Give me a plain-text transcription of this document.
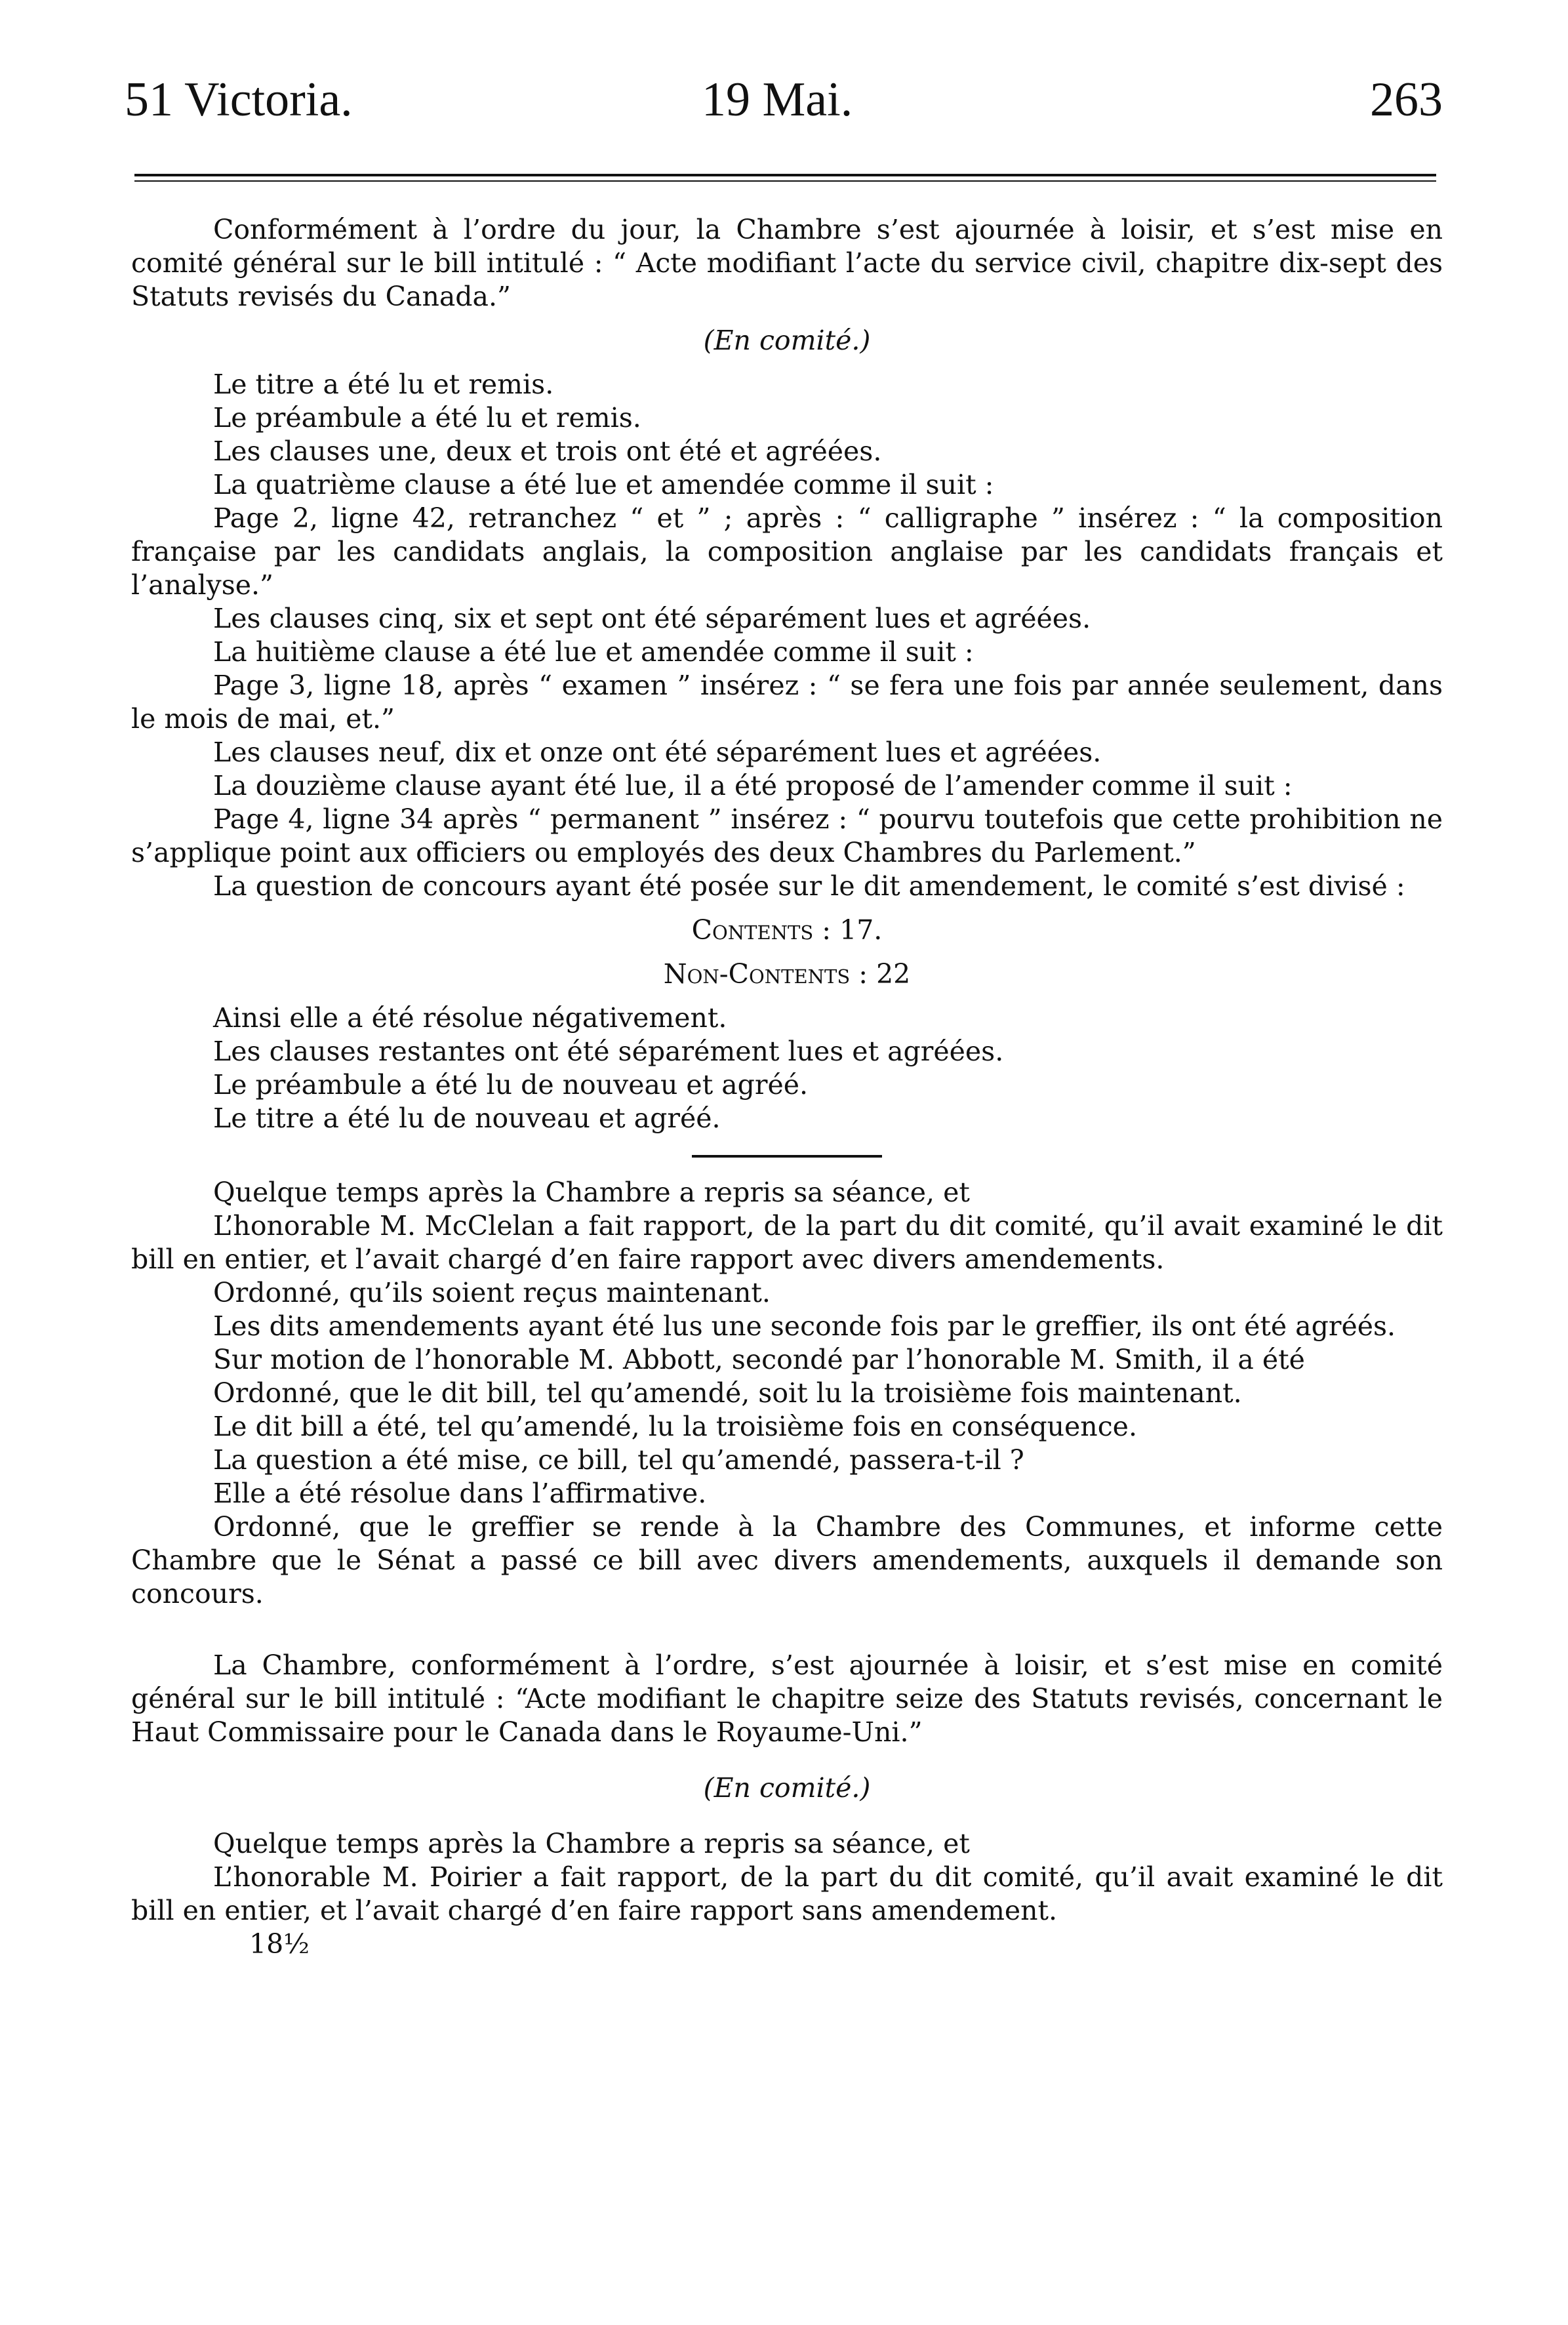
51 Victoria.	19 Mai.	263

Conformément à l’ordre du jour, la Chambre s’est ajournée à loisir, et s’est mise en comité général sur le bill intitulé : “ Acte modifiant l’acte du service civil, chapitre dix-sept des Statuts revisés du Canada.”

(En comité.)

Le titre a été lu et remis.

Le préambule a été lu et remis.

Les clauses une, deux et trois ont été et agréées.

La quatrième clause a été lue et amendée comme il suit :

Page 2, ligne 42, retranchez “ et ” ; après : “ calligraphe ” insérez : “ la composition française par les candidats anglais, la composition anglaise par les candidats français et l’analyse.”

Les clauses cinq, six et sept ont été séparément lues et agréées.

La huitième clause a été lue et amendée comme il suit :

Page 3, ligne 18, après “ examen ” insérez : “ se fera une fois par année seulement, dans le mois de mai, et.”

Les clauses neuf, dix et onze ont été séparément lues et agréées.

La douzième clause ayant été lue, il a été proposé de l’amender comme il suit :

Page 4, ligne 34 après “ permanent ” insérez : “ pourvu toutefois que cette prohibition ne s’applique point aux officiers ou employés des deux Chambres du Parlement.”

La question de concours ayant été posée sur le dit amendement, le comité s’est divisé :

Contents : 17.

Non-Contents : 22

Ainsi elle a été résolue négativement.

Les clauses restantes ont été séparément lues et agréées.

Le préambule a été lu de nouveau et agréé.

Le titre a été lu de nouveau et agréé.

Quelque temps après la Chambre a repris sa séance, et

L’honorable M. McClelan a fait rapport, de la part du dit comité, qu’il avait examiné le dit bill en entier, et l’avait chargé d’en faire rapport avec divers amendements.

Ordonné, qu’ils soient reçus maintenant.

Les dits amendements ayant été lus une seconde fois par le greffier, ils ont été agréés.

Sur motion de l’honorable M. Abbott, secondé par l’honorable M. Smith, il a été

Ordonné, que le dit bill, tel qu’amendé, soit lu la troisième fois maintenant.

Le dit bill a été, tel qu’amendé, lu la troisième fois en conséquence.

La question a été mise, ce bill, tel qu’amendé, passera-t-il ?

Elle a été résolue dans l’affirmative.

Ordonné, que le greffier se rende à la Chambre des Communes, et informe cette Chambre que le Sénat a passé ce bill avec divers amendements, auxquels il demande son concours.

La Chambre, conformément à l’ordre, s’est ajournée à loisir, et s’est mise en comité général sur le bill intitulé : “Acte modifiant le chapitre seize des Statuts revisés, concernant le Haut Commissaire pour le Canada dans le Royaume-Uni.”

(En comité.)

Quelque temps après la Chambre a repris sa séance, et

L’honorable M. Poirier a fait rapport, de la part du dit comité, qu’il avait examiné le dit bill en entier, et l’avait chargé d’en faire rapport sans amendement.

18½
